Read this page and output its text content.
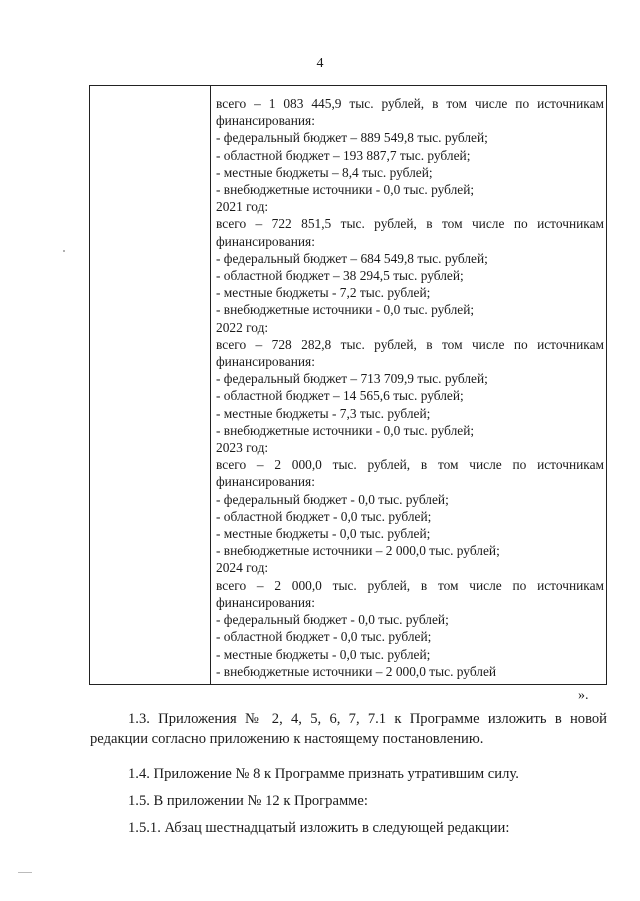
4
всего – 1 083 445,9 тыс. рублей, в том числе по источникам
финансирования:
- федеральный бюджет – 889 549,8 тыс. рублей;
- областной бюджет – 193 887,7 тыс. рублей;
- местные бюджеты – 8,4 тыс. рублей;
- внебюджетные источники - 0,0 тыс. рублей;
2021 год:
всего – 722 851,5 тыс. рублей, в том числе по источникам
финансирования:
- федеральный бюджет – 684 549,8 тыс. рублей;
- областной бюджет – 38 294,5 тыс. рублей;
- местные бюджеты - 7,2 тыс. рублей;
- внебюджетные источники - 0,0 тыс. рублей;
2022 год:
всего – 728 282,8 тыс. рублей, в том числе по источникам
финансирования:
- федеральный бюджет – 713 709,9 тыс. рублей;
- областной бюджет – 14 565,6 тыс. рублей;
- местные бюджеты - 7,3 тыс. рублей;
- внебюджетные источники - 0,0 тыс. рублей;
2023 год:
всего – 2 000,0 тыс. рублей, в том числе по источникам
финансирования:
- федеральный бюджет - 0,0 тыс. рублей;
- областной бюджет - 0,0 тыс. рублей;
- местные бюджеты - 0,0 тыс. рублей;
- внебюджетные источники – 2 000,0 тыс. рублей;
2024 год:
всего – 2 000,0 тыс. рублей, в том числе по источникам
финансирования:
- федеральный бюджет - 0,0 тыс. рублей;
- областной бюджет - 0,0 тыс. рублей;
- местные бюджеты - 0,0 тыс. рублей;
- внебюджетные источники – 2 000,0 тыс. рублей
».
1.3. Приложения № 2, 4, 5, 6, 7, 7.1 к Программе изложить в новой
редакции согласно приложению к настоящему постановлению.
1.4. Приложение № 8 к Программе признать утратившим силу.
1.5. В приложении № 12 к Программе:
1.5.1. Абзац шестнадцатый изложить в следующей редакции:
